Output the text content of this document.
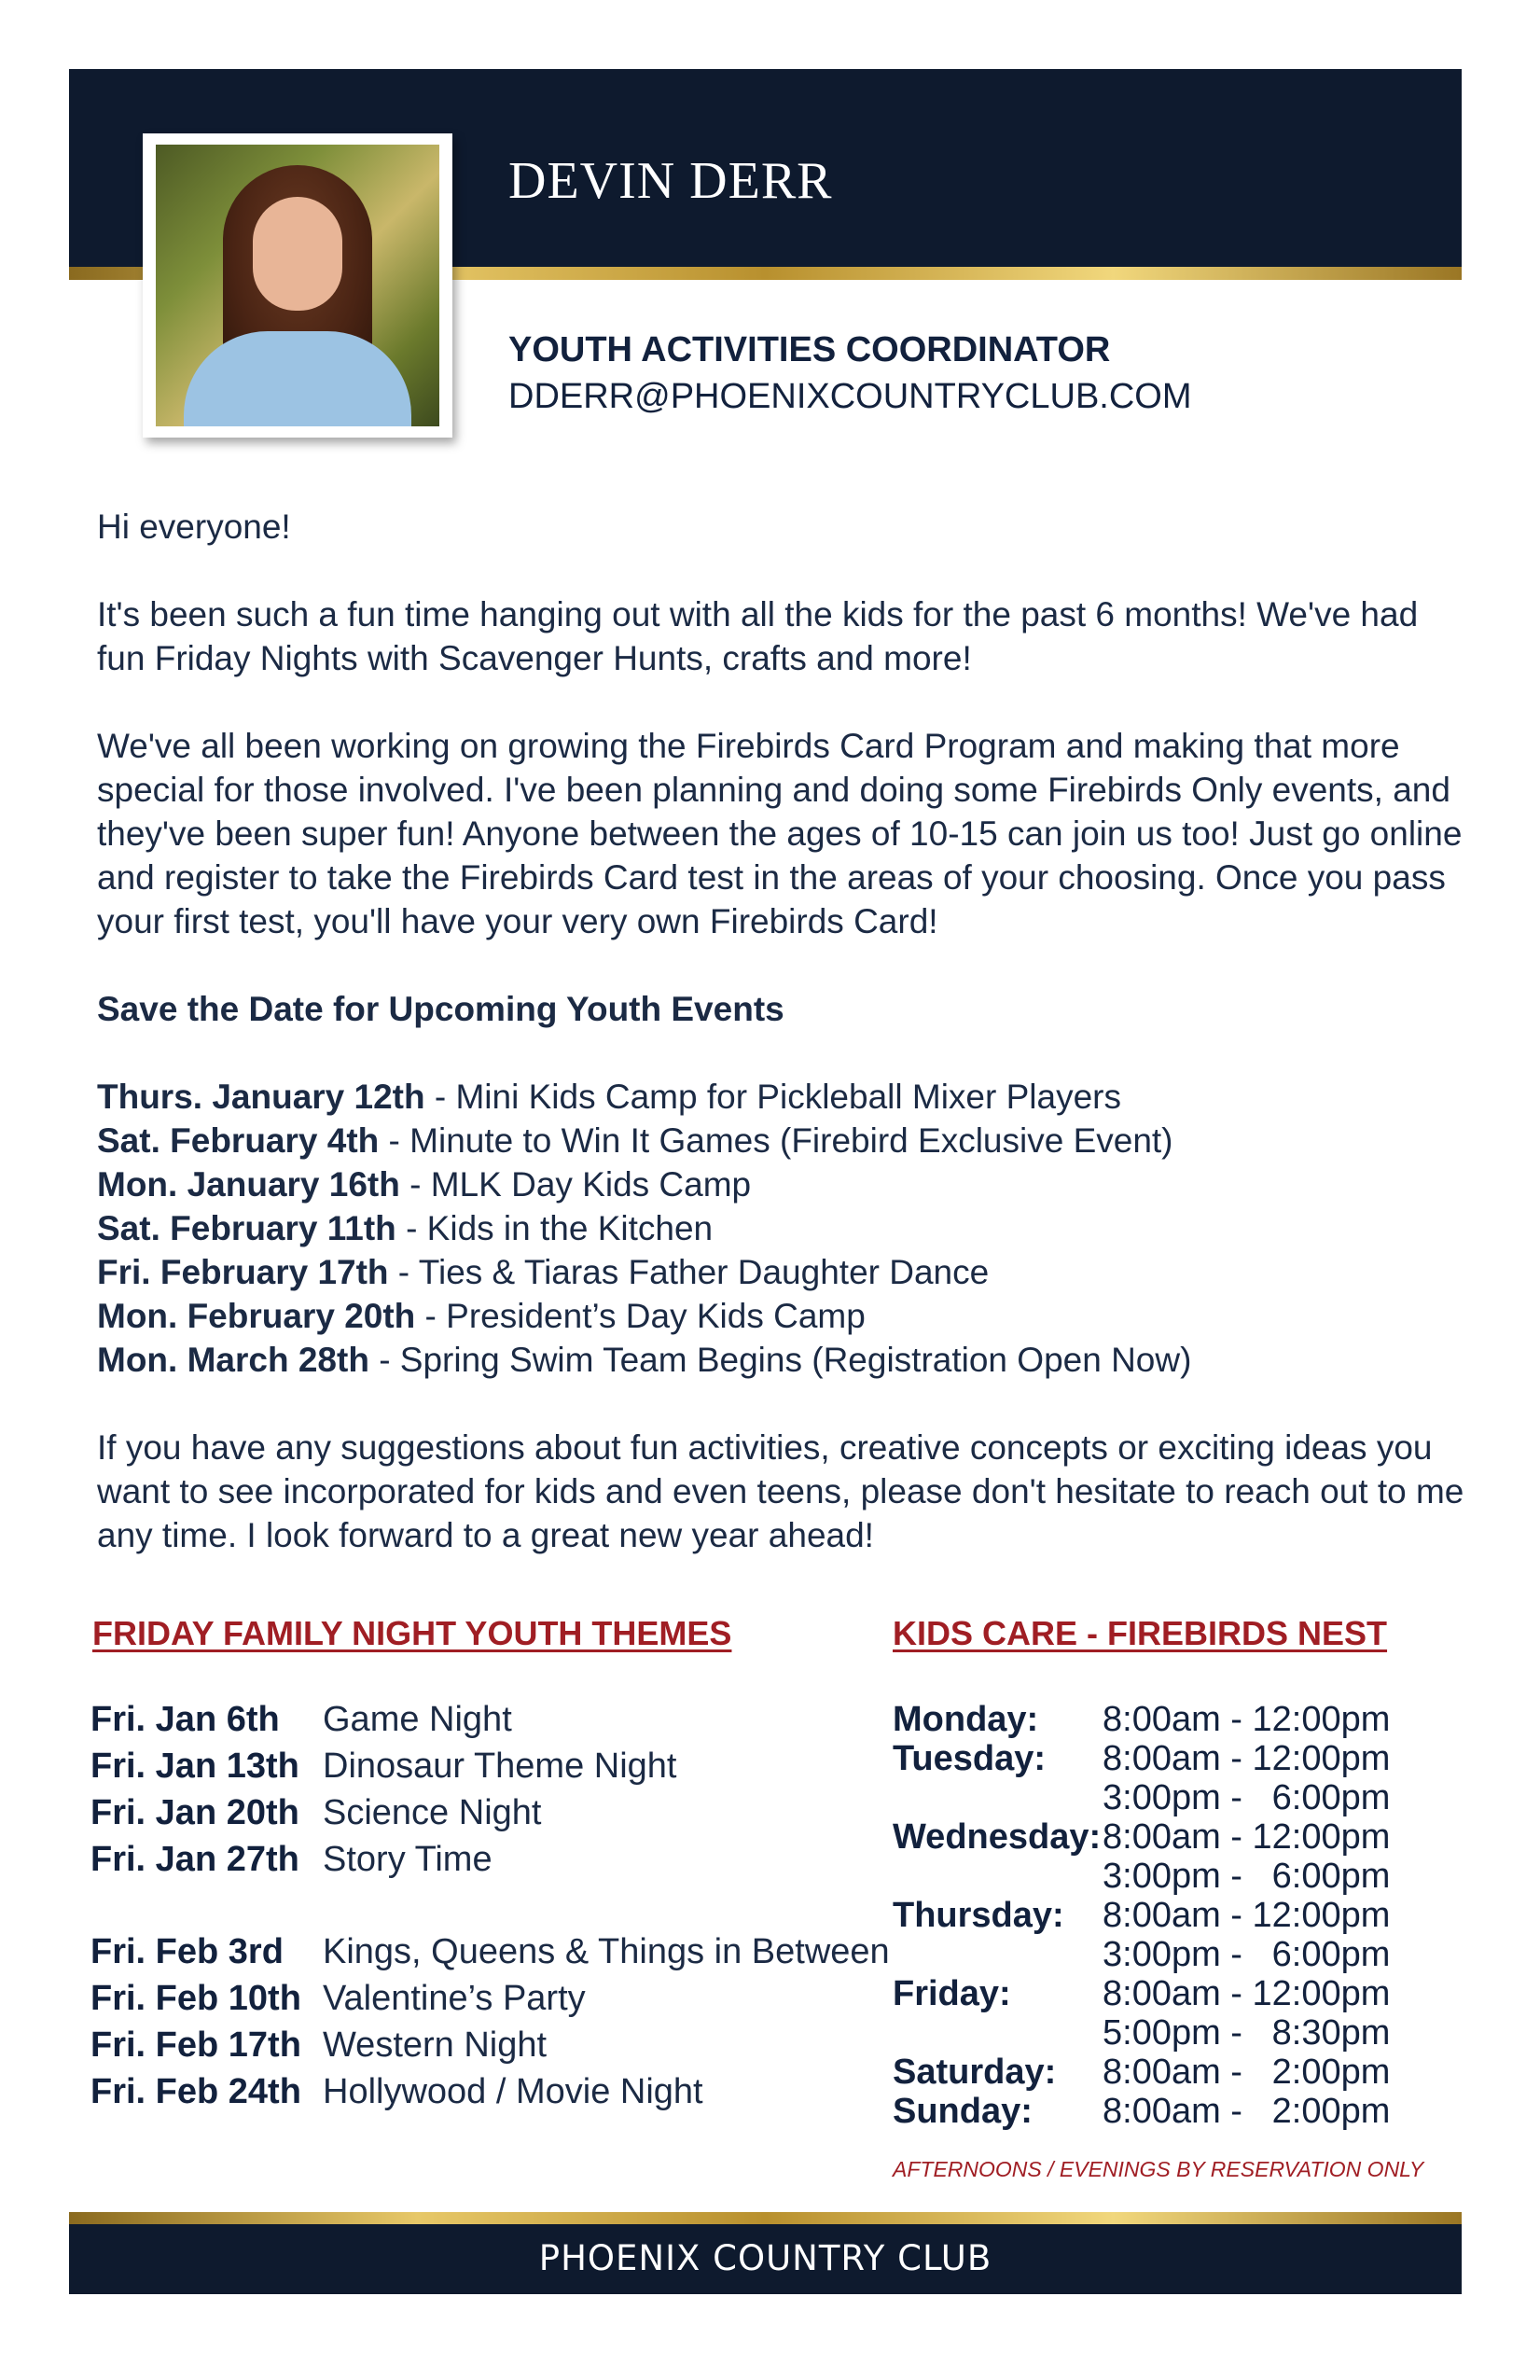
DEVIN DERR
YOUTH ACTIVITIES COORDINATOR
DDERR@PHOENIXCOUNTRYCLUB.COM

Hi everyone!

It's been such a fun time hanging out with all the kids for the past 6 months! We've had fun Friday Nights with Scavenger Hunts, crafts and more!

We've all been working on growing the Firebirds Card Program and making that more special for those involved. I've been planning and doing some Firebirds Only events, and they've been super fun! Anyone between the ages of 10-15 can join us too! Just go online and register to take the Firebirds Card test in the areas of your choosing. Once you pass your first test, you'll have your very own Firebirds Card!

Save the Date for Upcoming Youth Events

Thurs. January 12th - Mini Kids Camp for Pickleball Mixer Players
Sat. February 4th - Minute to Win It Games (Firebird Exclusive Event)
Mon. January 16th - MLK Day Kids Camp
Sat. February 11th - Kids in the Kitchen
Fri. February 17th - Ties & Tiaras Father Daughter Dance
Mon. February 20th - President’s Day Kids Camp
Mon. March 28th - Spring Swim Team Begins (Registration Open Now)

If you have any suggestions about fun activities, creative concepts or exciting ideas you want to see incorporated for kids and even teens, please don't hesitate to reach out to me any time. I look forward to a great new year ahead!

FRIDAY FAMILY NIGHT YOUTH THEMES	KIDS CARE - FIREBIRDS NEST
Fri. Jan 6th Game Night
Fri. Jan 13th Dinosaur Theme Night
Fri. Jan 20th Science Night
Fri. Jan 27th Story Time
Fri. Feb 3rd Kings, Queens & Things in Between
Fri. Feb 10th Valentine’s Party
Fri. Feb 17th Western Night
Fri. Feb 24th Hollywood / Movie Night
Monday: 8:00am - 12:00pm
Tuesday: 8:00am - 12:00pm
3:00pm -   6:00pm
Wednesday: 8:00am - 12:00pm
3:00pm -   6:00pm
Thursday: 8:00am - 12:00pm
3:00pm -   6:00pm
Friday:	8:00am - 12:00pm
5:00pm -   8:30pm
Saturday: 8:00am -   2:00pm
Sunday: 8:00am -   2:00pm
AFTERNOONS / EVENINGS BY RESERVATION ONLY
PHOENIX COUNTRY CLUB
